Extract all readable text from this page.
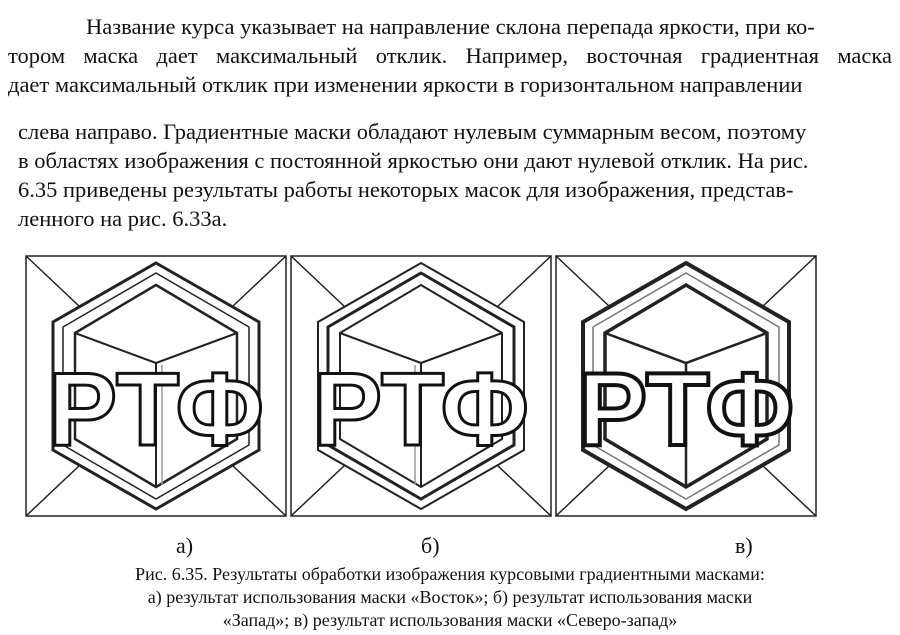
Название курса указывает на направление склона перепада яркости, при ко-
тором маска дает максимальный отклик. Например, восточная градиентная маска
дает максимальный отклик при изменении яркости в горизонтальном направлении
слева направо. Градиентные маски обладают нулевым суммарным весом, поэтому
в областях изображения с постоянной яркостью они дают нулевой отклик. На рис.
6.35 приведены результаты работы некоторых масок для изображения, представ-
ленного на рис. 6.33а.
РТФ РТФ РТФ

а)	б)	в)

Рис. 6.35. Результаты обработки изображения курсовыми градиентными масками:

а) результат использования маски «Восток»; б) результат использования маски

«Запад»; в) результат использования маски «Северо-запад»
